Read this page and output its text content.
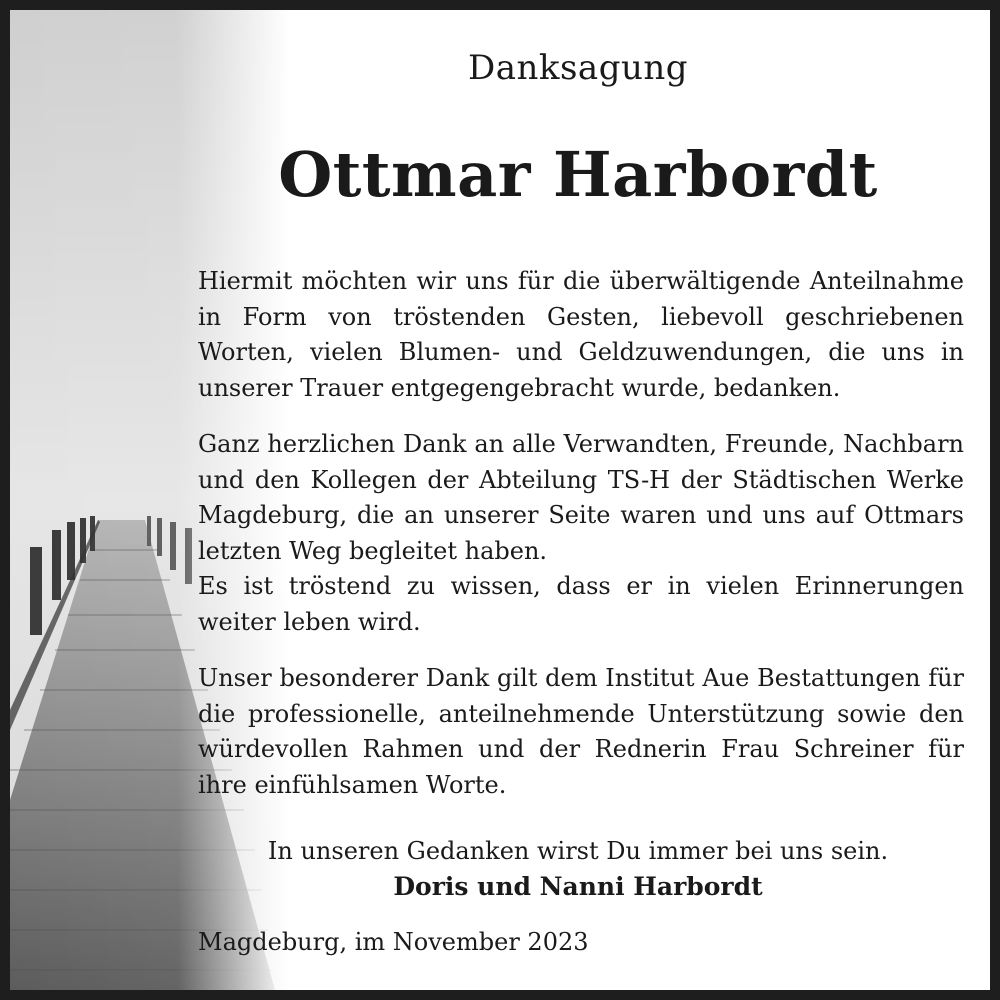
Danksagung
Ottmar Harbordt

Hiermit möchten wir uns für die überwältigende Anteilnahme in Form von tröstenden Gesten, liebevoll geschriebenen Worten, vielen Blumen- und Geldzuwendungen, die uns in unserer Trauer entgegengebracht wurde, bedanken.

Ganz herzlichen Dank an alle Verwandten, Freunde, Nachbarn und den Kollegen der Abteilung TS-H der Städtischen Werke Magdeburg, die an unserer Seite waren und uns auf Ottmars letzten Weg begleitet haben.
Es ist tröstend zu wissen, dass er in vielen Erinnerungen weiter leben wird.

Unser besonderer Dank gilt dem Institut Aue Bestattungen für die professionelle, anteilnehmende Unterstützung sowie den würdevollen Rahmen und der Rednerin Frau Schreiner für ihre einfühlsamen Worte.

In unseren Gedanken wirst Du immer bei uns sein.
Doris und Nanni Harbordt
Magdeburg, im November 2023
